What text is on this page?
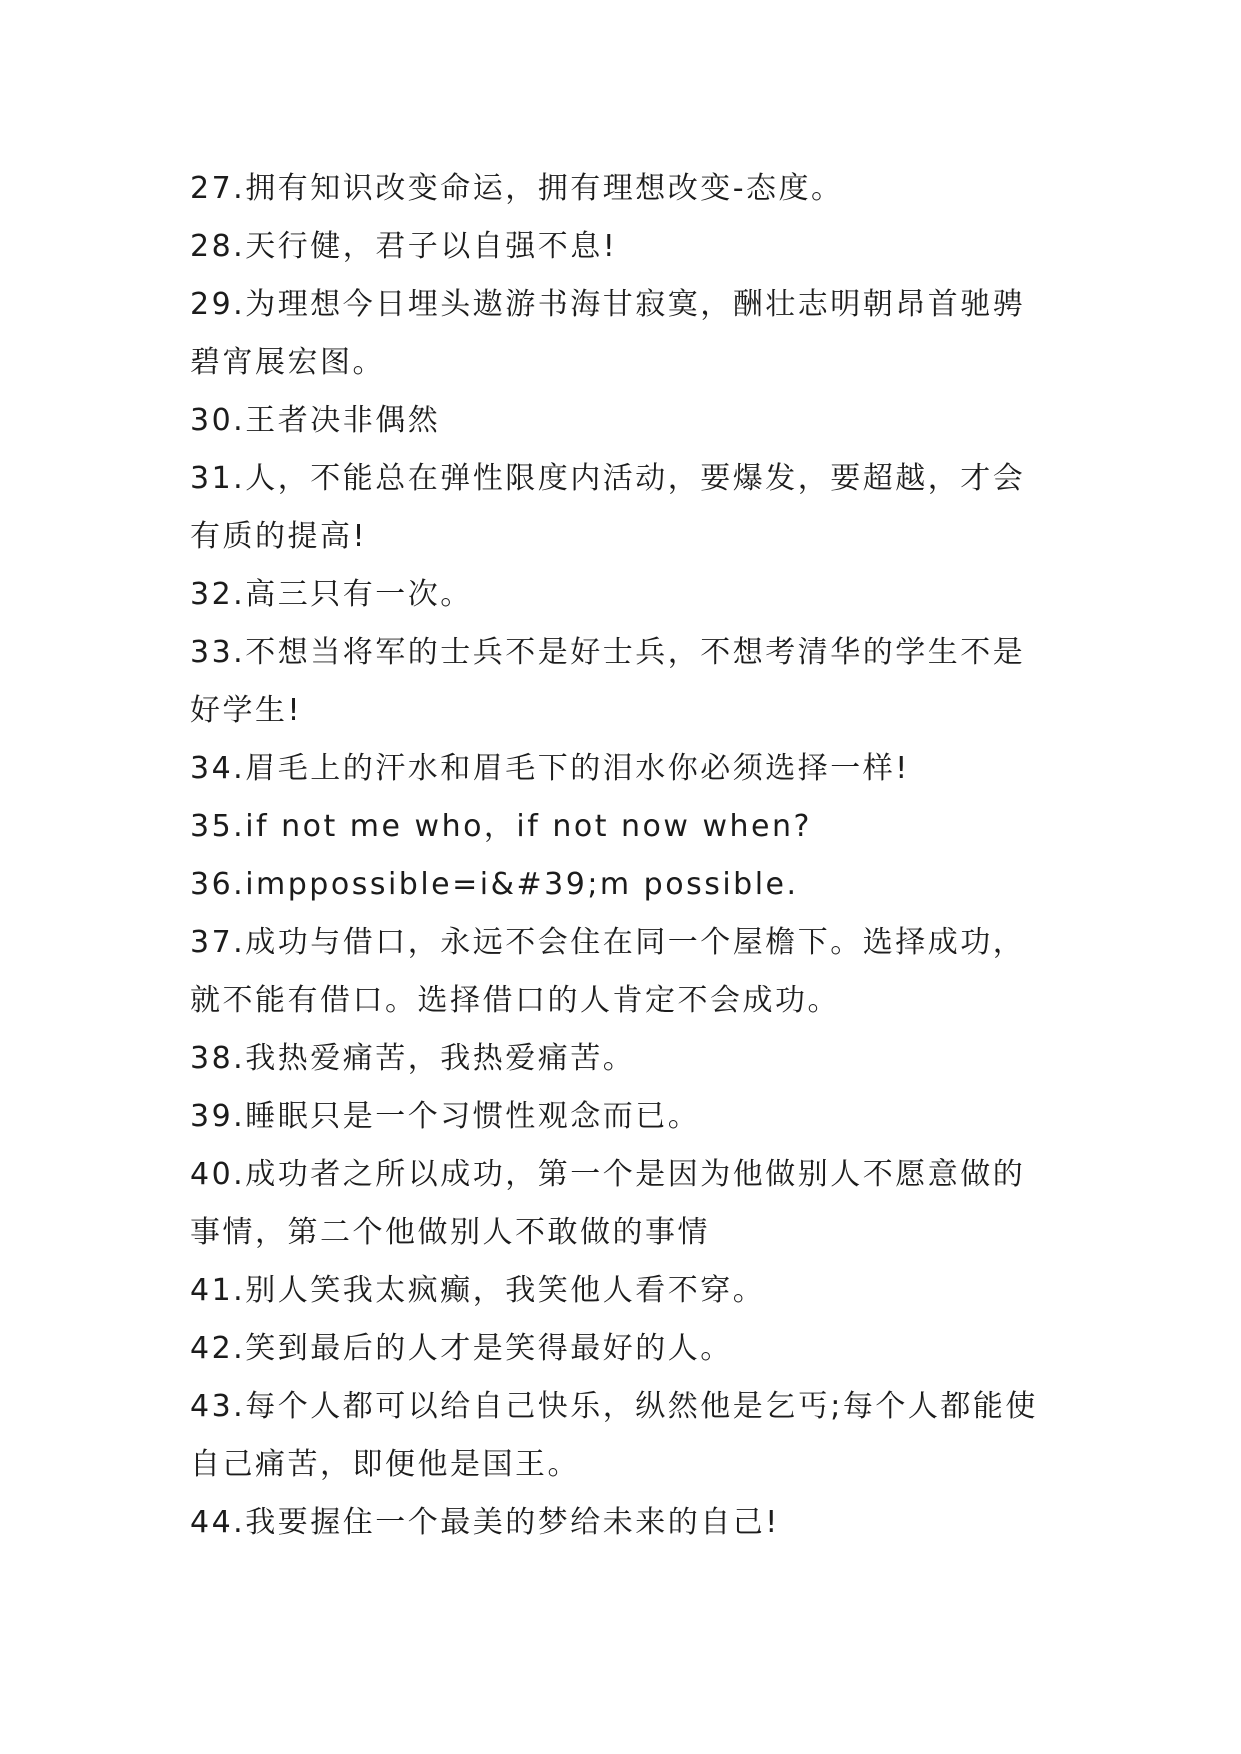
27.拥有知识改变命运，拥有理想改变-态度。
28.天行健，君子以自强不息!
29.为理想今日埋头遨游书海甘寂寞，酬壮志明朝昂首驰骋
碧宵展宏图。
30.王者决非偶然
31.人，不能总在弹性限度内活动，要爆发，要超越，才会
有质的提高!
32.高三只有一次。
33.不想当将军的士兵不是好士兵，不想考清华的学生不是
好学生!
34.眉毛上的汗水和眉毛下的泪水你必须选择一样!
35.if not me who，if not now when?
36.imppossible=i&#39;m possible.
37.成功与借口，永远不会住在同一个屋檐下。选择成功，
就不能有借口。选择借口的人肯定不会成功。
38.我热爱痛苦，我热爱痛苦。
39.睡眠只是一个习惯性观念而已。
40.成功者之所以成功，第一个是因为他做别人不愿意做的
事情，第二个他做别人不敢做的事情
41.别人笑我太疯癫，我笑他人看不穿。
42.笑到最后的人才是笑得最好的人。
43.每个人都可以给自己快乐，纵然他是乞丐;每个人都能使
自己痛苦，即便他是国王。
44.我要握住一个最美的梦给未来的自己!
